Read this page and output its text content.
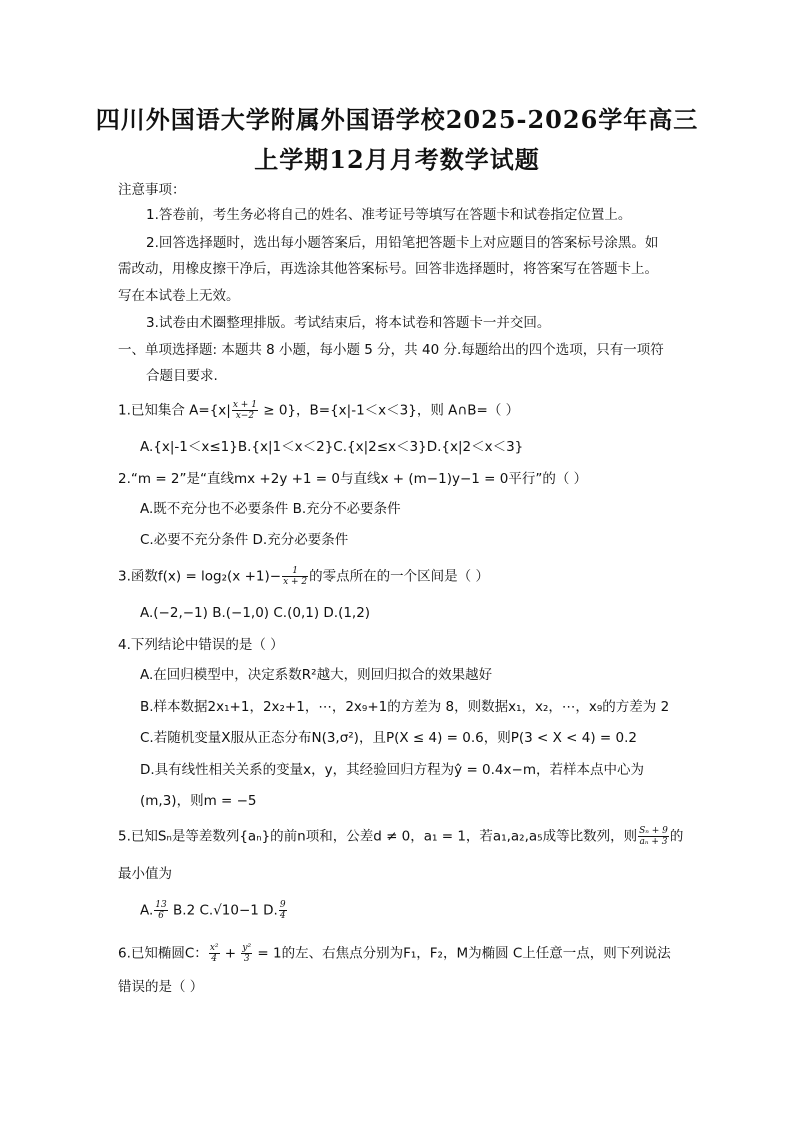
四川外国语大学附属外国语学校2025-2026学年高三
上学期12月月考数学试题
注意事项：
1.答卷前，考生务必将自己的姓名、准考证号等填写在答题卡和试卷指定位置上。
2.回答选择题时，选出每小题答案后，用铅笔把答题卡上对应题目的答案标号涂黑。如
需改动，用橡皮擦干净后，再选涂其他答案标号。回答非选择题时，将答案写在答题卡上。
写在本试卷上无效。
3.试卷由术圈整理排版。考试结束后，将本试卷和答题卡一并交回。
一、单项选择题: 本题共 8 小题，每小题 5 分，共 40 分.每题给出的四个选项，只有一项符
合题目要求.
1.已知集合 $A=\{x| \frac{x + 1}{x-2} \ge 0\}$，B={x|-1＜x＜3}，则 A∩B=（ ）
A.{x|-1＜x≤1}B.{x|1＜x＜2}C.{x|2≤x＜3}D.{x|2＜x＜3}
2.“m = 2”是“直线mx +2y +1 = 0与直线x + (m−1)y−1 = 0平行”的（ ）
A.既不充分也不必要条件 B.充分不必要条件
C.必要不充分条件 D.充分必要条件
3.函数$f(x) = \log_2(x +1)- \frac{1}{x + 2}$ 的零点所在的一个区间是（ ）
A.(−2,−1) B.(−1,0) C.(0,1) D.(1,2)
4.下列结论中错误的是（ ）
A.在回归模型中，决定系数R²越大，则回归拟合的效果越好
B.样本数据2x₁+1，2x₂+1，⋯，2x₉+1的方差为 8，则数据x₁，x₂，⋯，x₉的方差为 2
C.若随机变量X服从正态分布N(3,σ²)，且P(X ≤ 4) = 0.6，则P(3 < X < 4) = 0.2
D.具有线性相关关系的变量x，y，其经验回归方程为ŷ = 0.4x−m，若样本点中心为
(m,3)，则m = −5
5.已知Sₙ是等差数列{aₙ}的前n项和，公差d ≠ 0，a₁ = 1，若a₁,a₂,a₅成等比数列，则 $\frac{\text{Sₙ + 9}}{\text{aₙ + 3}}$ 的
最小值为
A. $\frac{13}{6} B.2$ C.√10−1 D. $\frac{9}{4}$
6.已知椭圆C： $\frac{\text{x²}}{4} + \frac{\text{y²}}{3} = 1$的左、右焦点分别为F₁，F₂，M为椭圆 C上任意一点，则下列说法
错误的是（ ）
